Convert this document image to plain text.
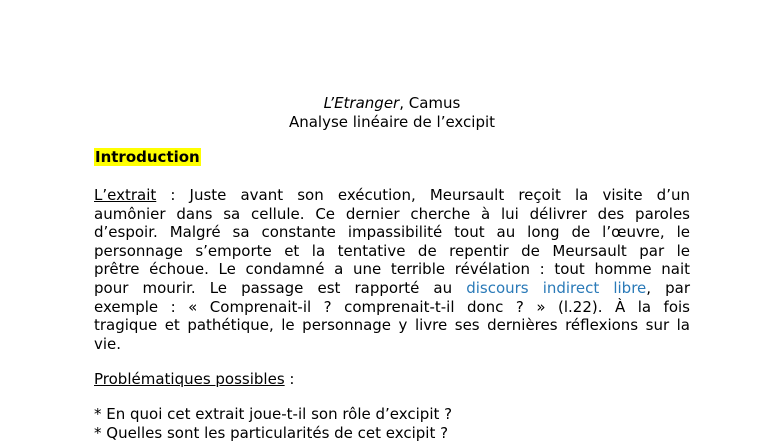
L’Etranger, Camus
Analyse linéaire de l’excipit
Introduction
L’extrait : Juste avant son exécution, Meursault reçoit la visite d’un
aumônier dans sa cellule. Ce dernier cherche à lui délivrer des paroles
d’espoir. Malgré sa constante impassibilité tout au long de l’œuvre, le
personnage s’emporte et la tentative de repentir de Meursault par le
prêtre échoue. Le condamné a une terrible révélation : tout homme nait
pour mourir. Le passage est rapporté au discours indirect libre, par
exemple : « Comprenait-il ? comprenait-t-il donc ? » (l.22). À la fois
tragique et pathétique, le personnage y livre ses dernières réflexions sur la
vie.
Problématiques possibles :
* En quoi cet extrait joue-t-il son rôle d’excipit ?
* Quelles sont les particularités de cet excipit ?
